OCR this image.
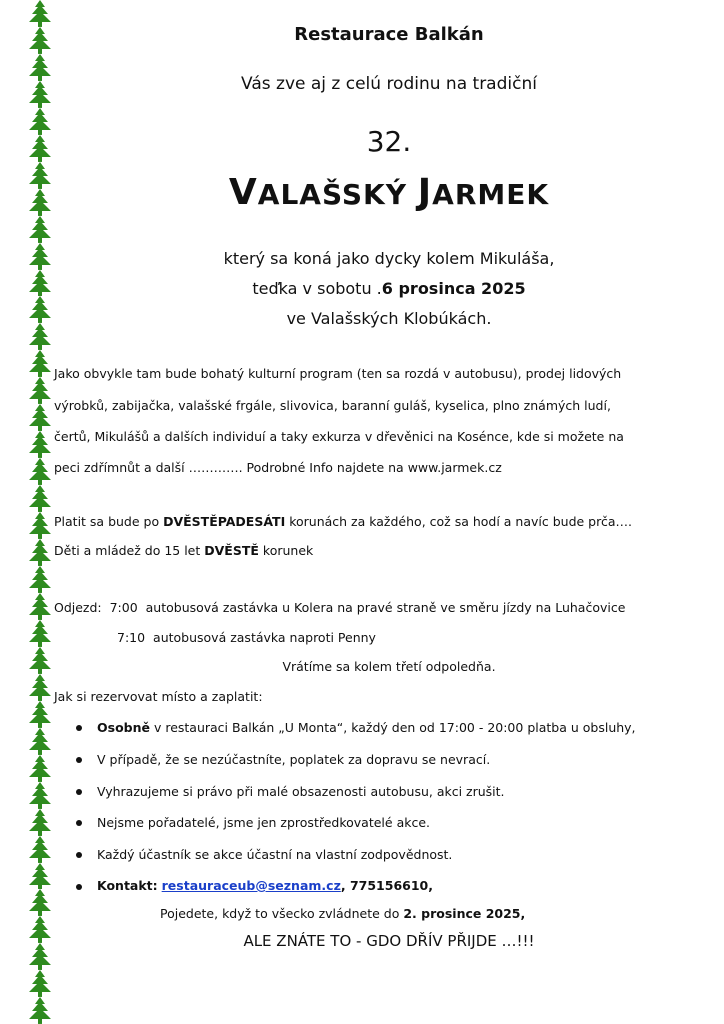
Restaurace Balkán
Vás zve aj z celú rodinu na tradiční
32.
VALAŠSKÝ JARMEK
který sa koná jako dycky kolem Mikuláša,
teďka v sobotu .6 prosinca 2025
ve Valašských Klobúkách.
Jako obvykle tam bude bohatý kulturní program (ten sa rozdá v autobusu), prodej lidových
výrobků, zabijačka, valašské frgále, slivovica, baranní guláš, kyselica, plno známých ludí,
čertů, Mikulášů a dalších individuí a taky exkurza v dřevěnici na Kosénce, kde si možete na
peci zdřímnůt a další …………. Podrobné Info najdete na www.jarmek.cz
Platit sa bude po DVĚSTĚPADESÁTI korunách za každého, což sa hodí a navíc bude prča….
Děti a mládež do 15 let DVĚSTĚ korunek
Odjezd: 7:00 autobusová zastávka u Kolera na pravé straně ve směru jízdy na Luhačovice
7:10 autobusová zastávka naproti Penny
Vrátíme sa kolem třetí odpoledňa.
Jak si rezervovat místo a zaplatit:
Osobně v restauraci Balkán „U Monta“, každý den od 17:00 - 20:00 platba u obsluhy,
V případě, že se nezúčastníte, poplatek za dopravu se nevrací.
Vyhrazujeme si právo při malé obsazenosti autobusu, akci zrušit.
Nejsme pořadatelé, jsme jen zprostředkovatelé akce.
Každý účastník se akce účastní na vlastní zodpovědnost.
Kontakt: restauraceub@seznam.cz, 775156610,
Pojedete, když to všecko zvládnete do 2. prosince 2025,
ALE ZNÁTE TO - GDO DŘÍV PŘIJDE …!!!
